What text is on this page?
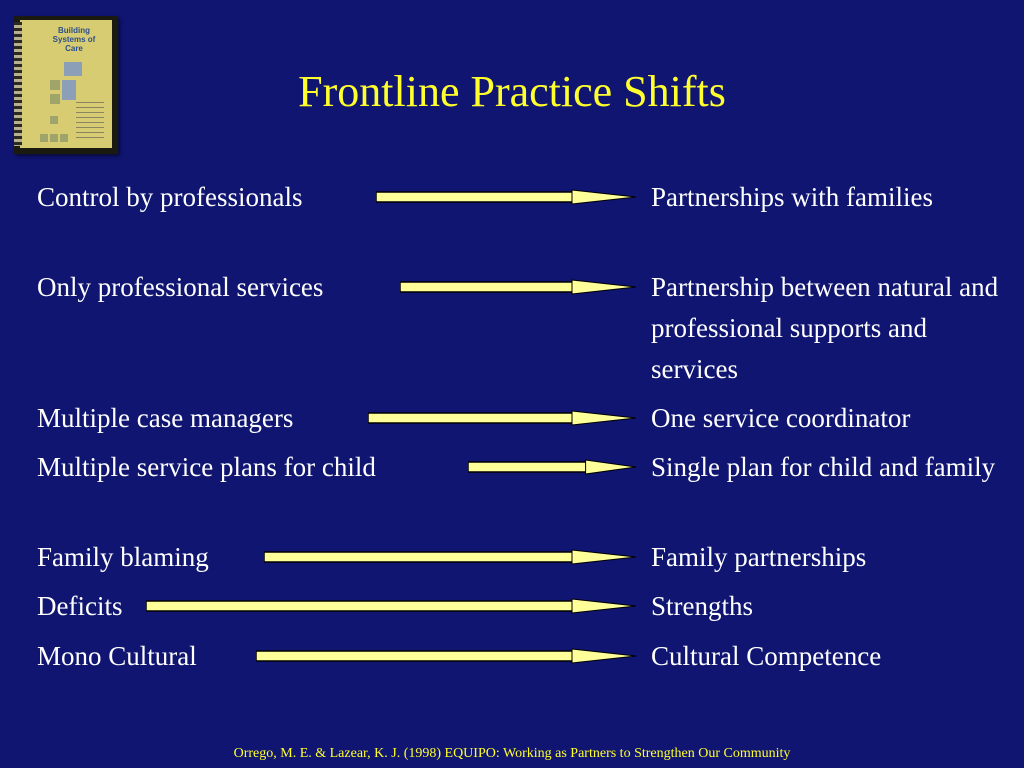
Building Systems of Care
Frontline Practice Shifts
Control by professionals	Partnerships with families
Only professional services	Partnership between natural and professional supports and services
Multiple case managers	One service coordinator
Multiple service plans for child	Single plan for child and family
Family blaming	Family partnerships
Deficits	Strengths
Mono Cultural	Cultural Competence
Orrego, M. E. & Lazear, K. J. (1998) EQUIPO: Working as Partners to Strengthen Our Community
